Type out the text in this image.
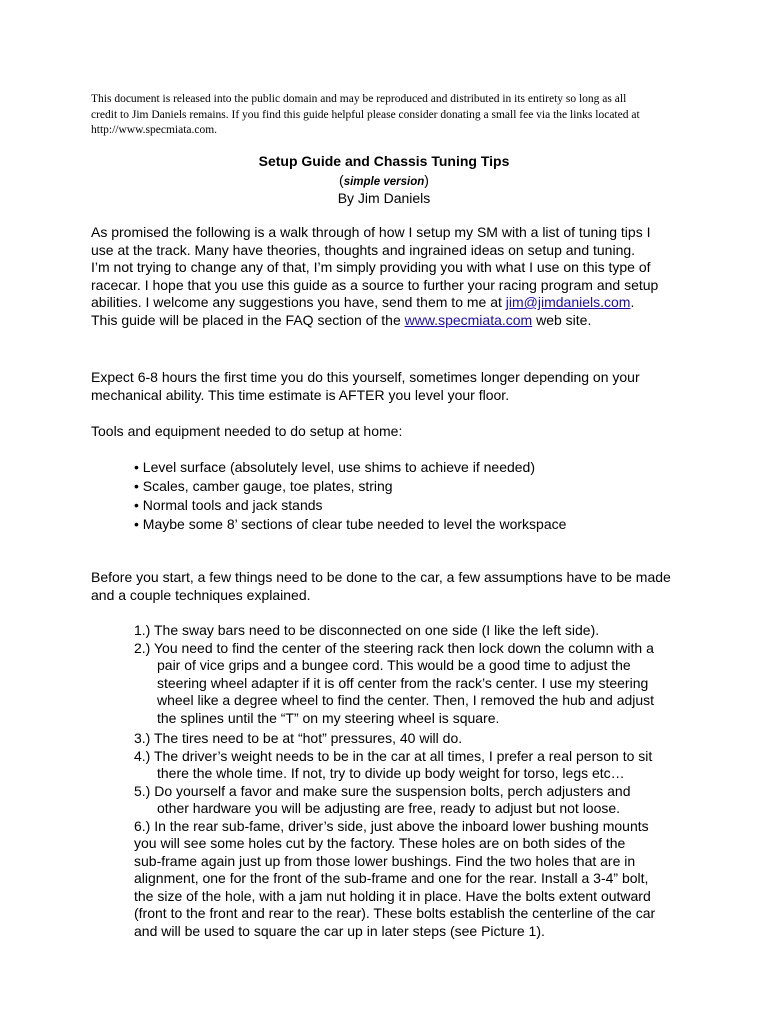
This document is released into the public domain and may be reproduced and distributed in its entirety so long as all
credit to Jim Daniels remains. If you find this guide helpful please consider donating a small fee via the links located at
http://www.specmiata.com.
Setup Guide and Chassis Tuning Tips
(simple version)
By Jim Daniels
As promised the following is a walk through of how I setup my SM with a list of tuning tips I
use at the track. Many have theories, thoughts and ingrained ideas on setup and tuning.
I’m not trying to change any of that, I’m simply providing you with what I use on this type of
racecar. I hope that you use this guide as a source to further your racing program and setup
abilities. I welcome any suggestions you have, send them to me at jim@jimdaniels.com.
This guide will be placed in the FAQ section of the www.specmiata.com web site.
Expect 6-8 hours the first time you do this yourself, sometimes longer depending on your
mechanical ability. This time estimate is AFTER you level your floor.
Tools and equipment needed to do setup at home:
• Level surface (absolutely level, use shims to achieve if needed)
• Scales, camber gauge, toe plates, string
• Normal tools and jack stands
• Maybe some 8’ sections of clear tube needed to level the workspace
Before you start, a few things need to be done to the car, a few assumptions have to be made
and a couple techniques explained.
1.) The sway bars need to be disconnected on one side (I like the left side).
2.) You need to find the center of the steering rack then lock down the column with a
pair of vice grips and a bungee cord. This would be a good time to adjust the
steering wheel adapter if it is off center from the rack’s center. I use my steering
wheel like a degree wheel to find the center. Then, I removed the hub and adjust
the splines until the “T” on my steering wheel is square.
3.) The tires need to be at “hot” pressures, 40 will do.
4.) The driver’s weight needs to be in the car at all times, I prefer a real person to sit
there the whole time. If not, try to divide up body weight for torso, legs etc…
5.) Do yourself a favor and make sure the suspension bolts, perch adjusters and
other hardware you will be adjusting are free, ready to adjust but not loose.
6.) In the rear sub-fame, driver’s side, just above the inboard lower bushing mounts
you will see some holes cut by the factory. These holes are on both sides of the
sub-frame again just up from those lower bushings. Find the two holes that are in
alignment, one for the front of the sub-frame and one for the rear. Install a 3-4” bolt,
the size of the hole, with a jam nut holding it in place. Have the bolts extent outward
(front to the front and rear to the rear). These bolts establish the centerline of the car
and will be used to square the car up in later steps (see Picture 1).
